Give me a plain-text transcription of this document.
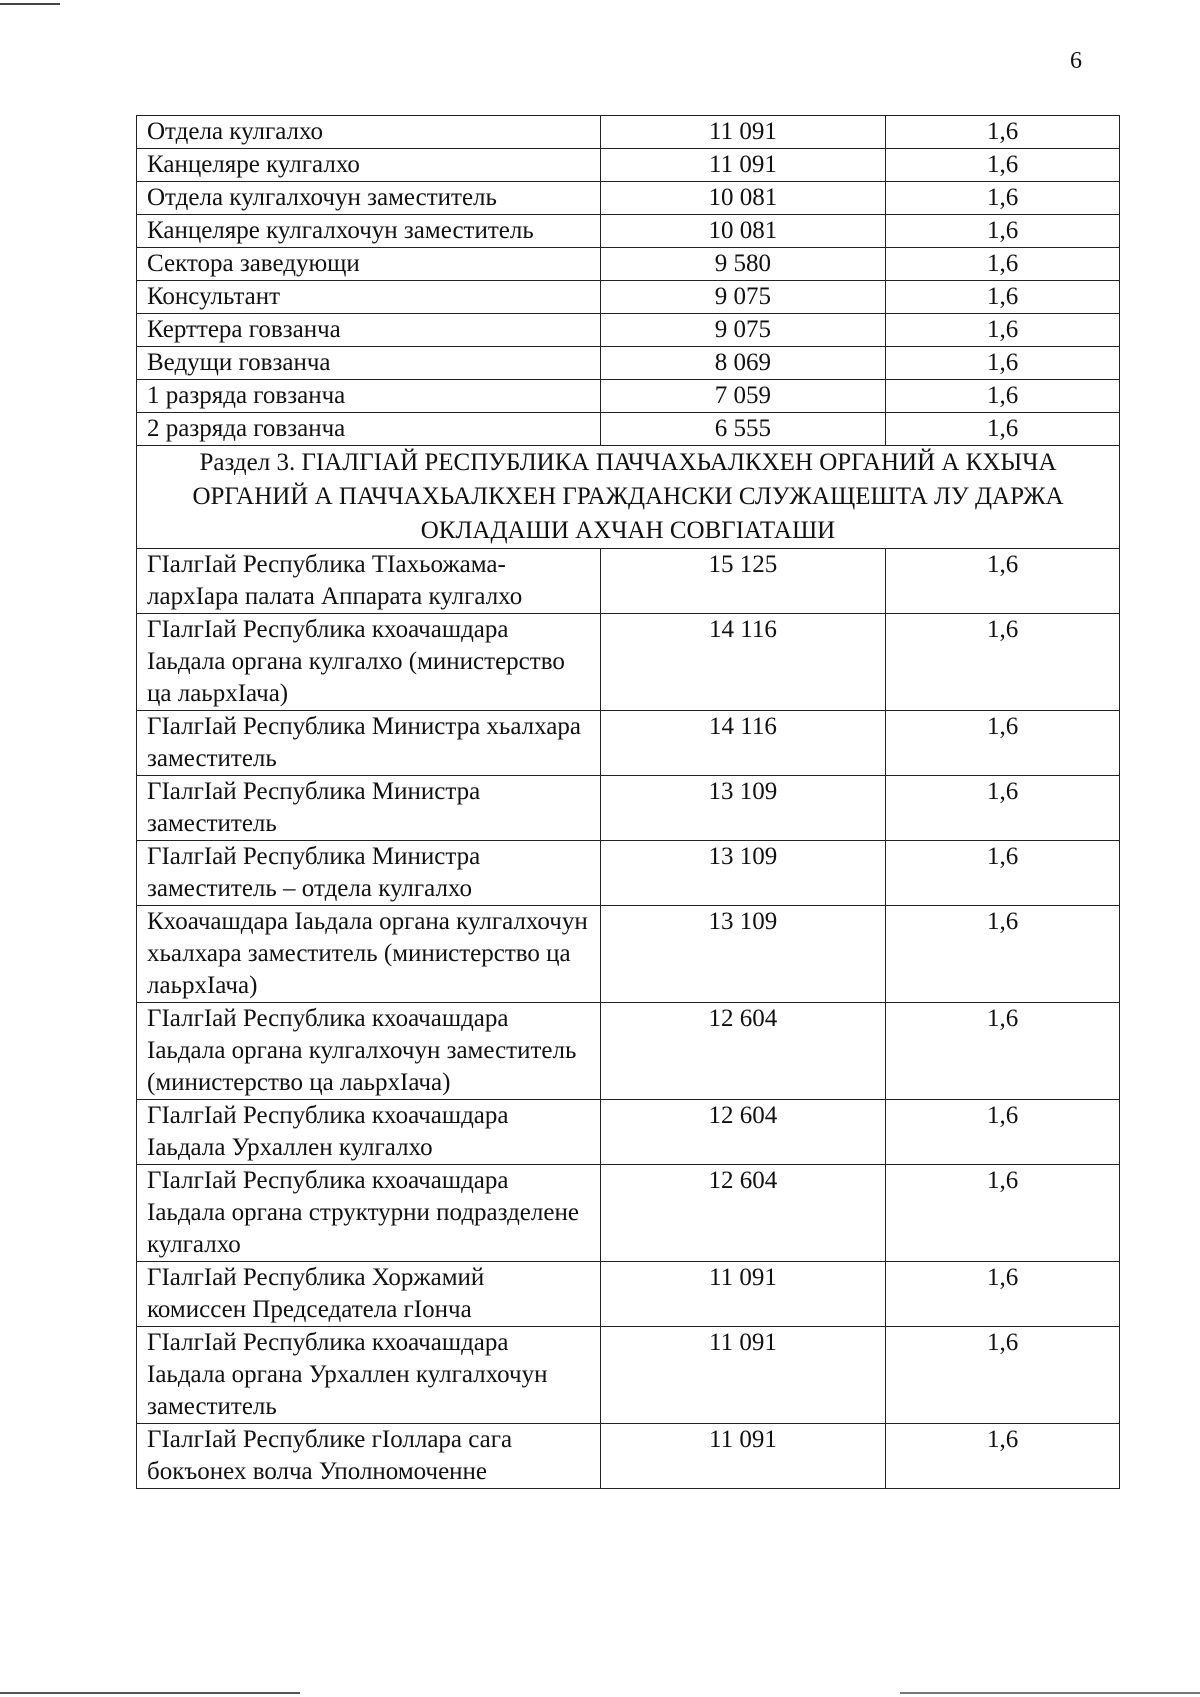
6
Отдела кулгалхо	11 091	1,6
Канцеляре кулгалхо	11 091	1,6
Отдела кулгалхочун заместитель	10 081	1,6
Канцеляре кулгалхочун заместитель	10 081	1,6
Сектора заведующи	9 580	1,6
Консультант	9 075	1,6
Керттера говзанча	9 075	1,6
Ведущи говзанча	8 069	1,6
1 разряда говзанча	7 059	1,6
2 разряда говзанча	6 555	1,6
Раздел 3. ГІАЛГІАЙ РЕСПУБЛИКА ПАЧЧАХЬАЛКХЕН ОРГАНИЙ А КХЫЧА ОРГАНИЙ А ПАЧЧАХЬАЛКХЕН ГРАЖДАНСКИ СЛУЖАЩЕШТА ЛУ ДАРЖА ОКЛАДАШИ АХЧАН СОВГІАТАШИ		
ГІалгІай Республика ТІахьожама-лархІара палата Аппарата кулгалхо	15 125	1,6
ГІалгІай Республика кхоачашдара Іаьдала органа кулгалхо (министерство ца лаьрхІача)	14 116	1,6
ГІалгІай Республика Министра хьалхара заместитель	14 116	1,6
ГІалгІай Республика Министра заместитель	13 109	1,6
ГІалгІай Республика Министра заместитель – отдела кулгалхо	13 109	1,6
Кхоачашдара Іаьдала органа кулгалхочун хьалхара заместитель (министерство ца лаьрхІача)	13 109	1,6
ГІалгІай Республика кхоачашдара Іаьдала органа кулгалхочун заместитель (министерство ца лаьрхІача)	12 604	1,6
ГІалгІай Республика кхоачашдара Іаьдала Урхаллен кулгалхо	12 604	1,6
ГІалгІай Республика кхоачашдара Іаьдала органа структурни подразделене кулгалхо	12 604	1,6
ГІалгІай Республика Хоржамий комиссен Председатела гІонча	11 091	1,6
ГІалгІай Республика кхоачашдара Іаьдала органа Урхаллен кулгалхочун заместитель	11 091	1,6
ГІалгІай Республике гІоллара сага бокъонех волча Уполномоченне	11 091	1,6
